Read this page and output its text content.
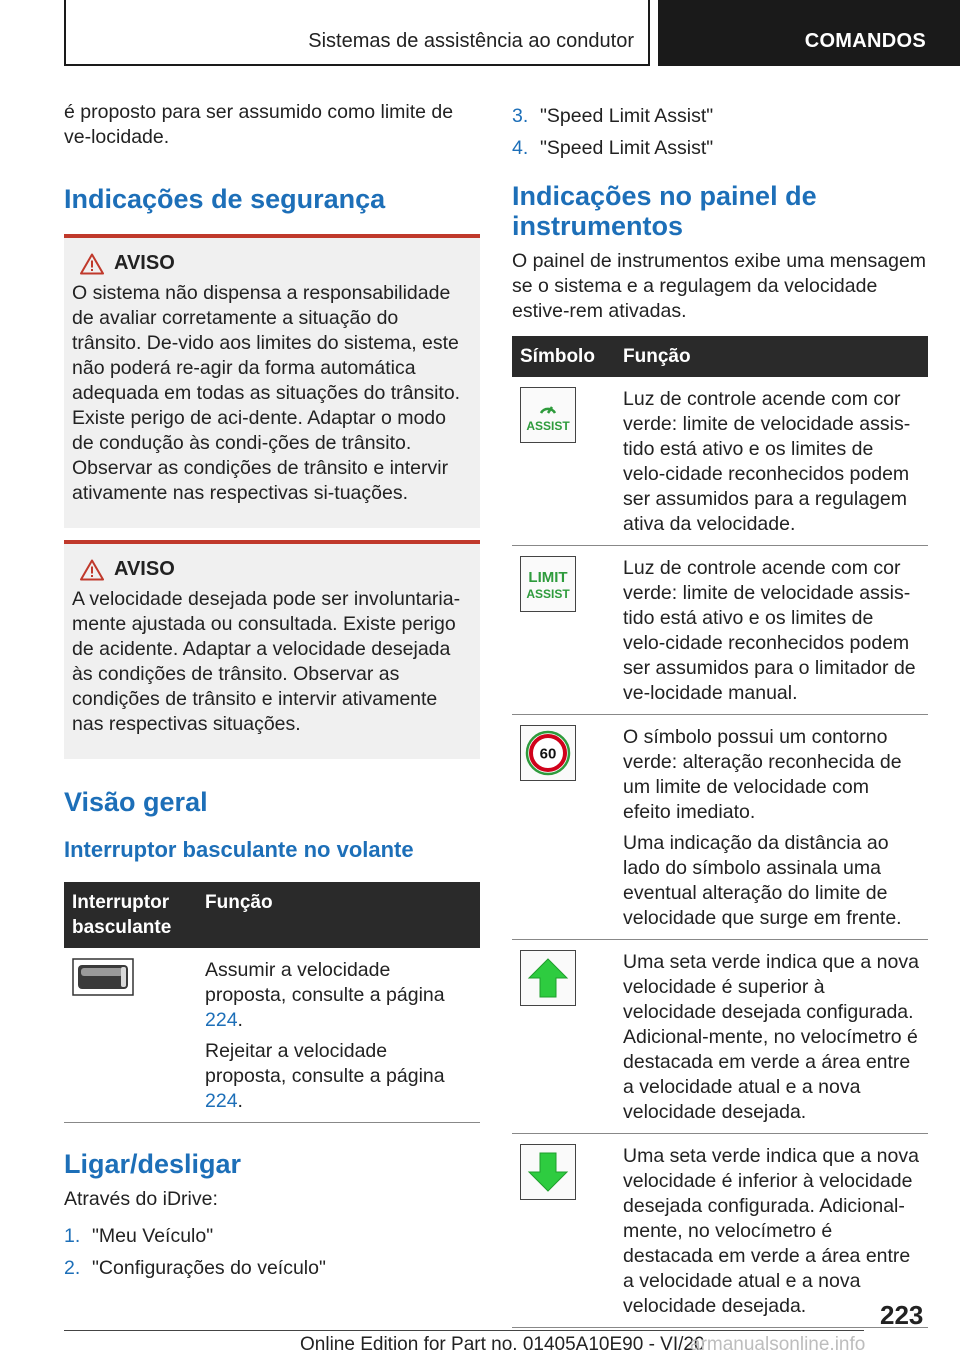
Sistemas de assistência ao condutor	COMANDOS

é proposto para ser assumido como limite de ve-locidade.

Indicações de segurança
AVISO

O sistema não dispensa a responsabilidade de avaliar corretamente a situação do trânsito. De-vido aos limites do sistema, este não poderá re-agir da forma automática adequada em todas as situações do trânsito. Existe perigo de aci-dente. Adaptar o modo de condução às condi-ções de trânsito. Observar as condições de trânsito e intervir ativamente nas respectivas si-tuações.

AVISO

A velocidade desejada pode ser involuntaria-mente ajustada ou consultada. Existe perigo de acidente. Adaptar a velocidade desejada às condições de trânsito. Observar as condições de trânsito e intervir ativamente nas respectivas situações.

Visão geral
Interruptor basculante no volante
Interruptor basculante	Função

Assumir a velocidade proposta, consulte a página 224.

Rejeitar a velocidade proposta, consulte a página 224.

Ligar/desligar

Através do iDrive:

1. "Meu Veículo"
2. "Configurações do veículo"
3. "Speed Limit Assist"
4. "Speed Limit Assist"
Indicações no painel de instrumentos

O painel de instrumentos exibe uma mensagem se o sistema e a regulagem da velocidade estive-rem ativadas.

Símbolo	Função

ASSIST	Luz de controle acende com cor verde: limite de velocidade assis-tido está ativo e os limites de velo-cidade reconhecidos podem ser assumidos para a regulagem ativa da velocidade.

LIMIT
ASSIST	Luz de controle acende com cor verde: limite de velocidade assis-tido está ativo e os limites de velo-cidade reconhecidos podem ser assumidos para o limitador de ve-locidade manual.

60	O símbolo possui um contorno verde: alteração reconhecida de um limite de velocidade com efeito imediato.

Uma indicação da distância ao lado do símbolo assinala uma eventual alteração do limite de velocidade que surge em frente.

Uma seta verde indica que a nova velocidade é superior à velocidade desejada configurada. Adicional-mente, no velocímetro é destacada em verde a área entre a velocidade atual e a nova velocidade desejada.

Uma seta verde indica que a nova velocidade é inferior à velocidade desejada configurada. Adicional-mente, no velocímetro é destacada em verde a área entre a velocidade atual e a nova velocidade desejada.	223
Online Edition for Part no. 01405A10E90 - VI/20
armanualsonline.info
